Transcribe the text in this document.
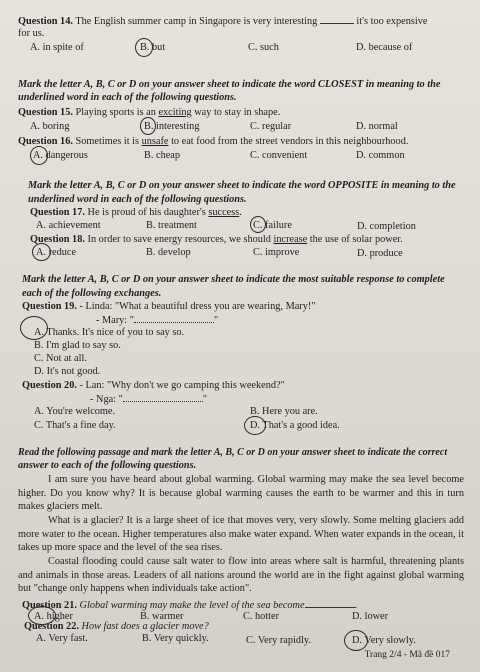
Question 14. The English summer camp in Singapore is very interesting	it's too expensive
for us.
A. in spite of	B. but	C. such	D. because of
Mark the letter A, B, C or D on your answer sheet to indicate the word CLOSEST in meaning to the
underlined word in each of the following questions.
Question 15. Playing sports is an exciting way to stay in shape.
A. boring	B. interesting	C. regular	D. normal
Question 16. Sometimes it is unsafe to eat food from the street vendors in this neighbourhood.
A. dangerous	B. cheap	C. convenient	D. common
Mark the letter A, B, C or D on your answer sheet to indicate the word OPPOSITE in meaning to the
underlined word in each of the following questions.
Question 17. He is proud of his daughter's success.
A. achievement	B. treatment	C. failure	D. completion
Question 18. In order to save energy resources, we should increase the use of solar power.
A. reduce	B. develop	C. improve	D. produce
Mark the letter A, B, C or D on your answer sheet to indicate the most suitable response to complete
each of the following exchanges.
Question 19. - Linda: "What a beautiful dress you are wearing, Mary!"
- Mary: "	"
A. Thanks. It's nice of you to say so.
B. I'm glad to say so.
C. Not at all.
D. It's not good.
Question 20. - Lan: "Why don't we go camping this weekend?"
- Nga: "	"
A. You're welcome.	B. Here you are.
C. That's a fine day.	D. That's a good idea.
Read the following passage and mark the letter A, B, C or D on your answer sheet to indicate the correct
answer to each of the following questions.
I am sure you have heard about global warming. Global warming may make the sea level become higher. Do you know why? It is because global warming causes the earth to be warmer and this in turn makes glaciers melt.
What is a glacier? It is a large sheet of ice that moves very, very slowly. Some melting glaciers add more water to the ocean. Higher temperatures also make water expand. When water expands in the ocean, it takes up more space and the level of the sea rises.
Coastal flooding could cause salt water to flow into areas where salt is harmful, threatening plants and animals in those areas. Leaders of all nations around the world are in the fight against global warming but "change only happens when individuals take action".
Question 21. Global warming may make the level of the sea become	.
A. higher	B. warmer	C. hotter	D. lower
Question 22. How fast does a glacier move?
A. Very fast.	B. Very quickly.	C. Very rapidly.	D. Very slowly.
Trang 2/4 - Mã đề 017
